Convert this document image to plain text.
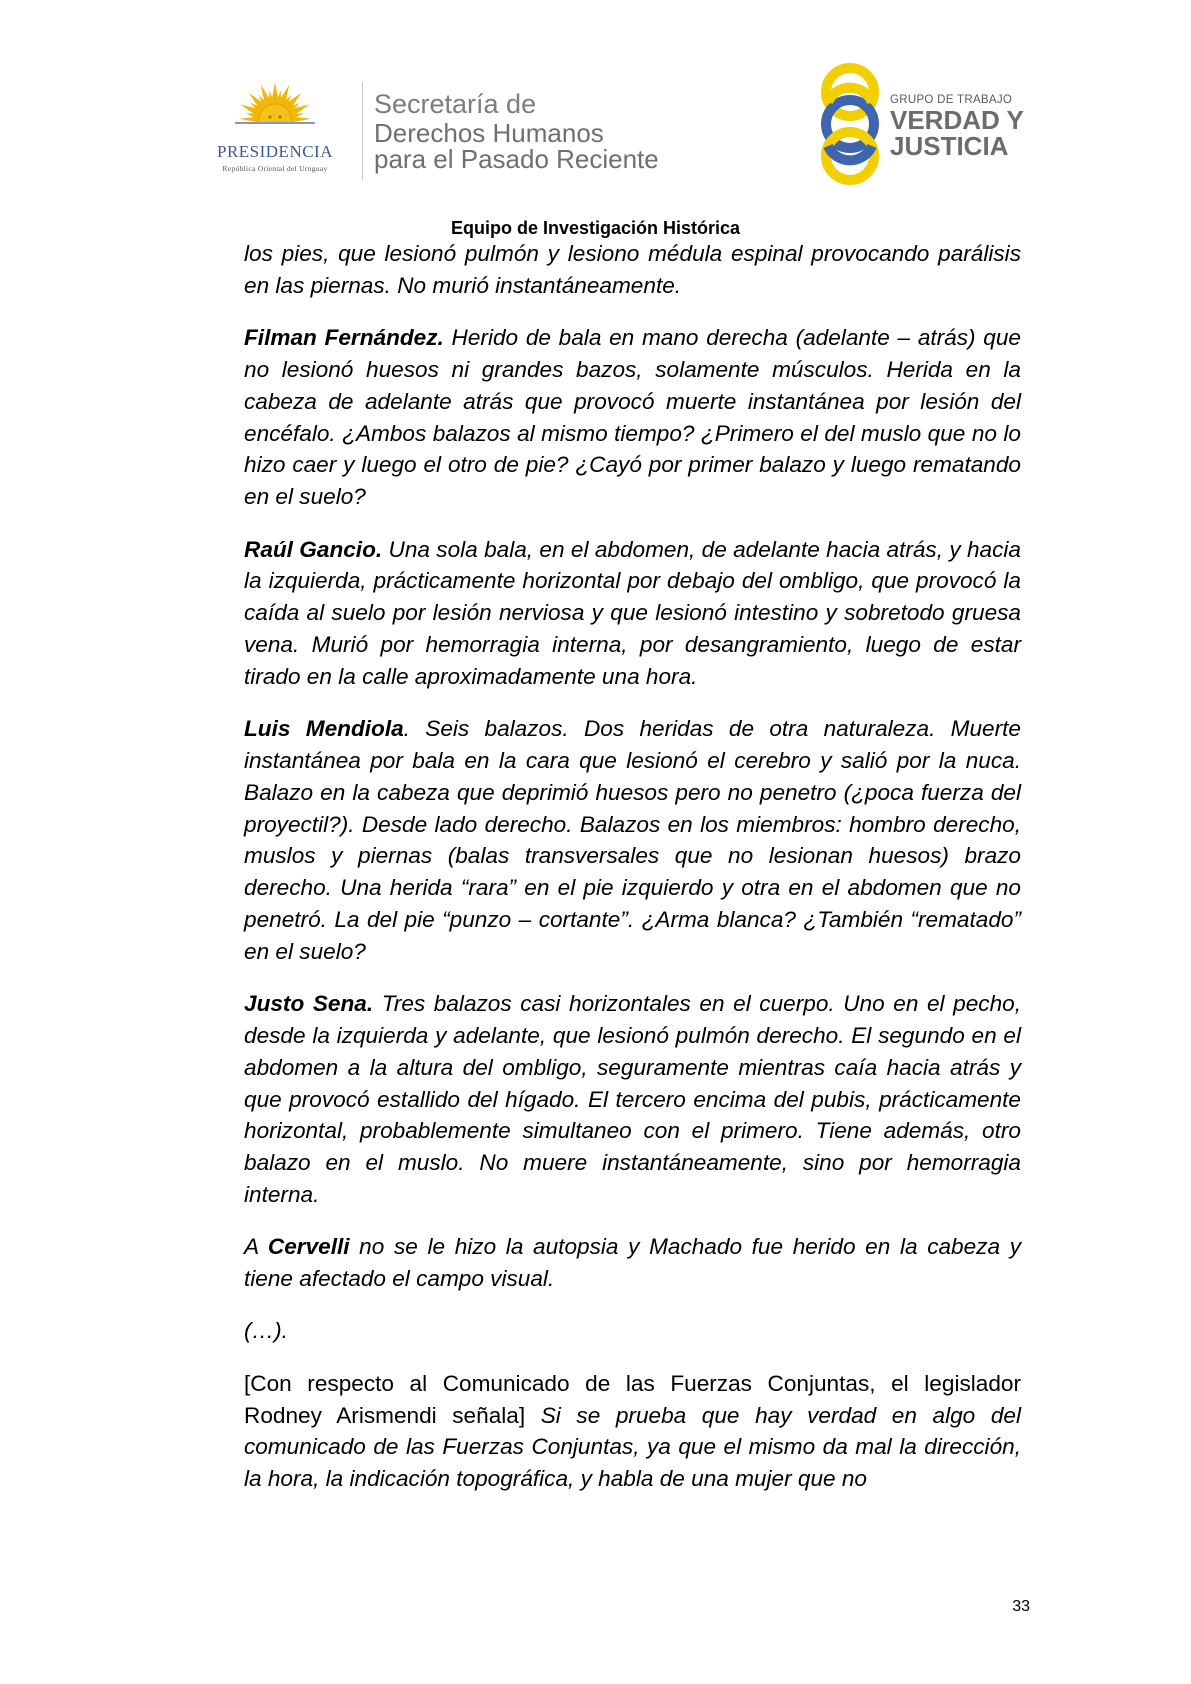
PRESIDENCIA
República Oriental del Uruguay
Secretaría de
Derechos Humanos
para el Pasado Reciente
GRUPO DE TRABAJO
VERDAD Y
JUSTICIA
Equipo de Investigación Histórica

los pies, que lesionó pulmón y lesiono médula espinal provocando parálisis en las piernas. No murió instantáneamente.

Filman Fernández. Herido de bala en mano derecha (adelante – atrás) que no lesionó huesos ni grandes bazos, solamente músculos. Herida en la cabeza de adelante atrás que provocó muerte instantánea por lesión del encéfalo. ¿Ambos balazos al mismo tiempo? ¿Primero el del muslo que no lo hizo caer y luego el otro de pie? ¿Cayó por primer balazo y luego rematando en el suelo?

Raúl Gancio. Una sola bala, en el abdomen, de adelante hacia atrás, y hacia la izquierda, prácticamente horizontal por debajo del ombligo, que provocó la caída al suelo por lesión nerviosa y que lesionó intestino y sobretodo gruesa vena. Murió por hemorragia interna, por desangramiento, luego de estar tirado en la calle aproximadamente una hora.

Luis Mendiola. Seis balazos. Dos heridas de otra naturaleza. Muerte instantánea por bala en la cara que lesionó el cerebro y salió por la nuca. Balazo en la cabeza que deprimió huesos pero no penetro (¿poca fuerza del proyectil?). Desde lado derecho. Balazos en los miembros: hombro derecho, muslos y piernas (balas transversales que no lesionan huesos) brazo derecho. Una herida “rara” en el pie izquierdo y otra en el abdomen que no penetró. La del pie “punzo – cortante”. ¿Arma blanca? ¿También “rematado” en el suelo?

Justo Sena. Tres balazos casi horizontales en el cuerpo. Uno en el pecho, desde la izquierda y adelante, que lesionó pulmón derecho. El segundo en el abdomen a la altura del ombligo, seguramente mientras caía hacia atrás y que provocó estallido del hígado. El tercero encima del pubis, prácticamente horizontal, probablemente simultaneo con el primero. Tiene además, otro balazo en el muslo. No muere instantáneamente, sino por hemorragia interna.

A Cervelli no se le hizo la autopsia y Machado fue herido en la cabeza y tiene afectado el campo visual.

(…).

[Con respecto al Comunicado de las Fuerzas Conjuntas, el legislador Rodney Arismendi señala] Si se prueba que hay verdad en algo del comunicado de las Fuerzas Conjuntas, ya que el mismo da mal la dirección, la hora, la indicación topográfica, y habla de una mujer que no

33
